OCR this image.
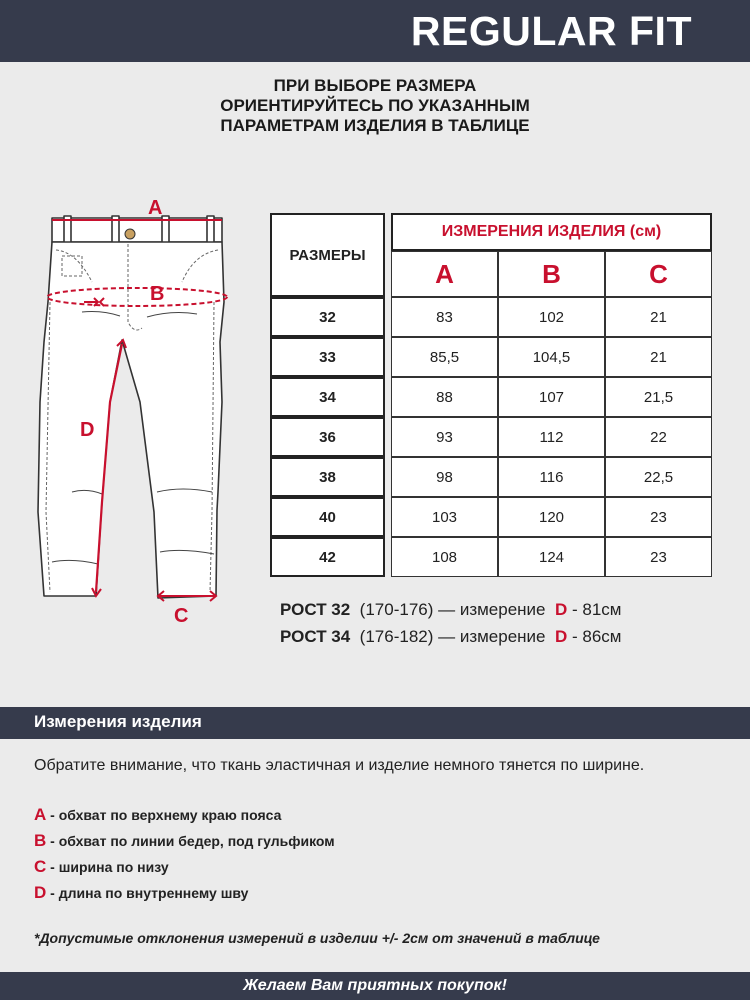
REGULAR FIT
ПРИ ВЫБОРЕ РАЗМЕРА
ОРИЕНТИРУЙТЕСЬ ПО УКАЗАННЫМ
ПАРАМЕТРАМ ИЗДЕЛИЯ В ТАБЛИЦЕ
A
B
D
C
РАЗМЕРЫ		ИЗМЕРЕНИЯ ИЗДЕЛИЯ (см)		
		A	B	C
32		83	102	21
33		85,5	104,5	21
34		88	107	21,5
36		93	112	22
38		98	116	22,5
40		103	120	23
42		108	124	23
РОСТ 32 (170-176) — измерение D - 81см
РОСТ 34 (176-182) — измерение D - 86см
Измерения изделия
Обратите внимание, что ткань эластичная и изделие немного тянется по ширине.
A - обхват по верхнему краю пояса
B - обхват по линии бедер, под гульфиком
C - ширина по низу
D - длина по внутреннему шву
*Допустимые отклонения измерений в изделии +/- 2см от значений в таблице
Желаем Вам приятных покупок!
